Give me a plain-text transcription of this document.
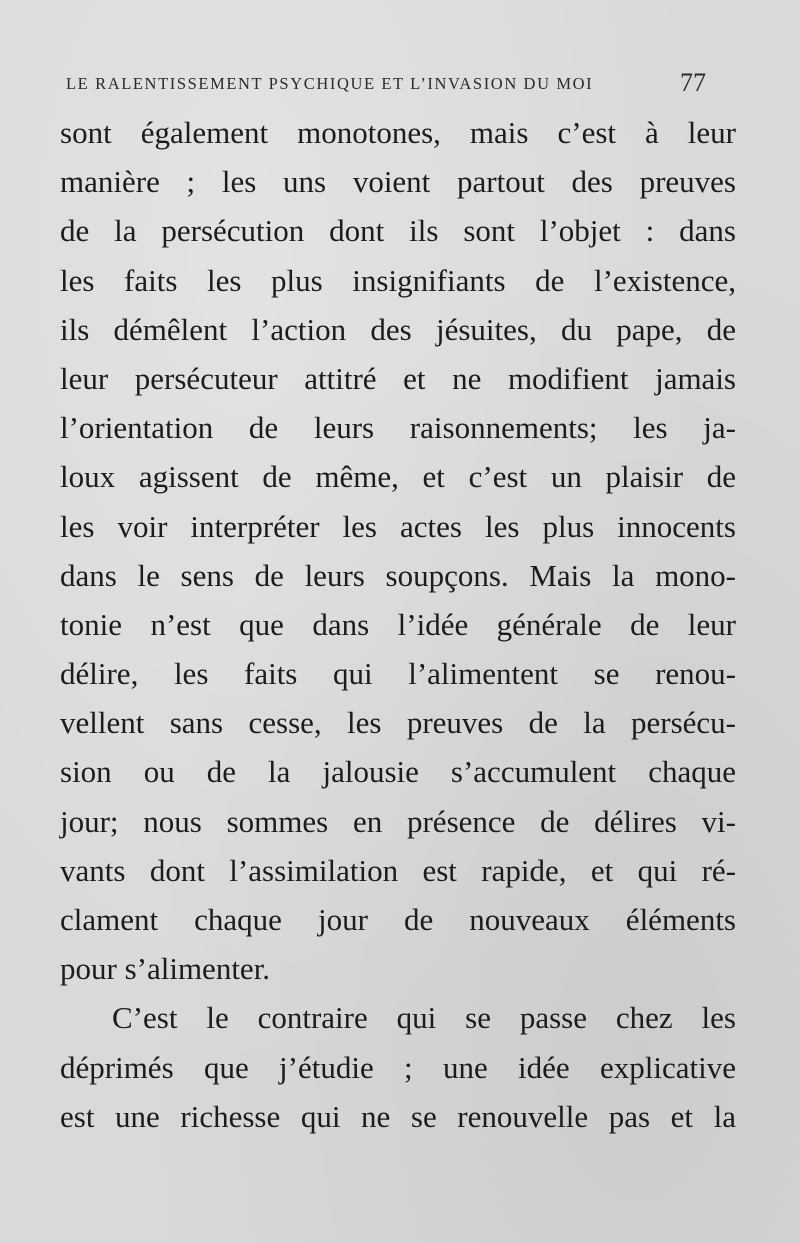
LE RALENTISSEMENT PSYCHIQUE ET L’INVASION DU MOI	77
sont également monotones, mais c’est à leur
manière ; les uns voient partout des preuves
de la persécution dont ils sont l’objet : dans
les faits les plus insignifiants de l’existence,
ils démêlent l’action des jésuites, du pape, de
leur persécuteur attitré et ne modifient jamais
l’orientation de leurs raisonnements; les ja-
loux agissent de même, et c’est un plaisir de
les voir interpréter les actes les plus innocents
dans le sens de leurs soupçons. Mais la mono-
tonie n’est que dans l’idée générale de leur
délire, les faits qui l’alimentent se renou-
vellent sans cesse, les preuves de la persécu-
sion ou de la jalousie s’accumulent chaque
jour; nous sommes en présence de délires vi-
vants dont l’assimilation est rapide, et qui ré-
clament chaque jour de nouveaux éléments
pour s’alimenter.
C’est le contraire qui se passe chez les
déprimés que j’étudie ; une idée explicative
est une richesse qui ne se renouvelle pas et la
